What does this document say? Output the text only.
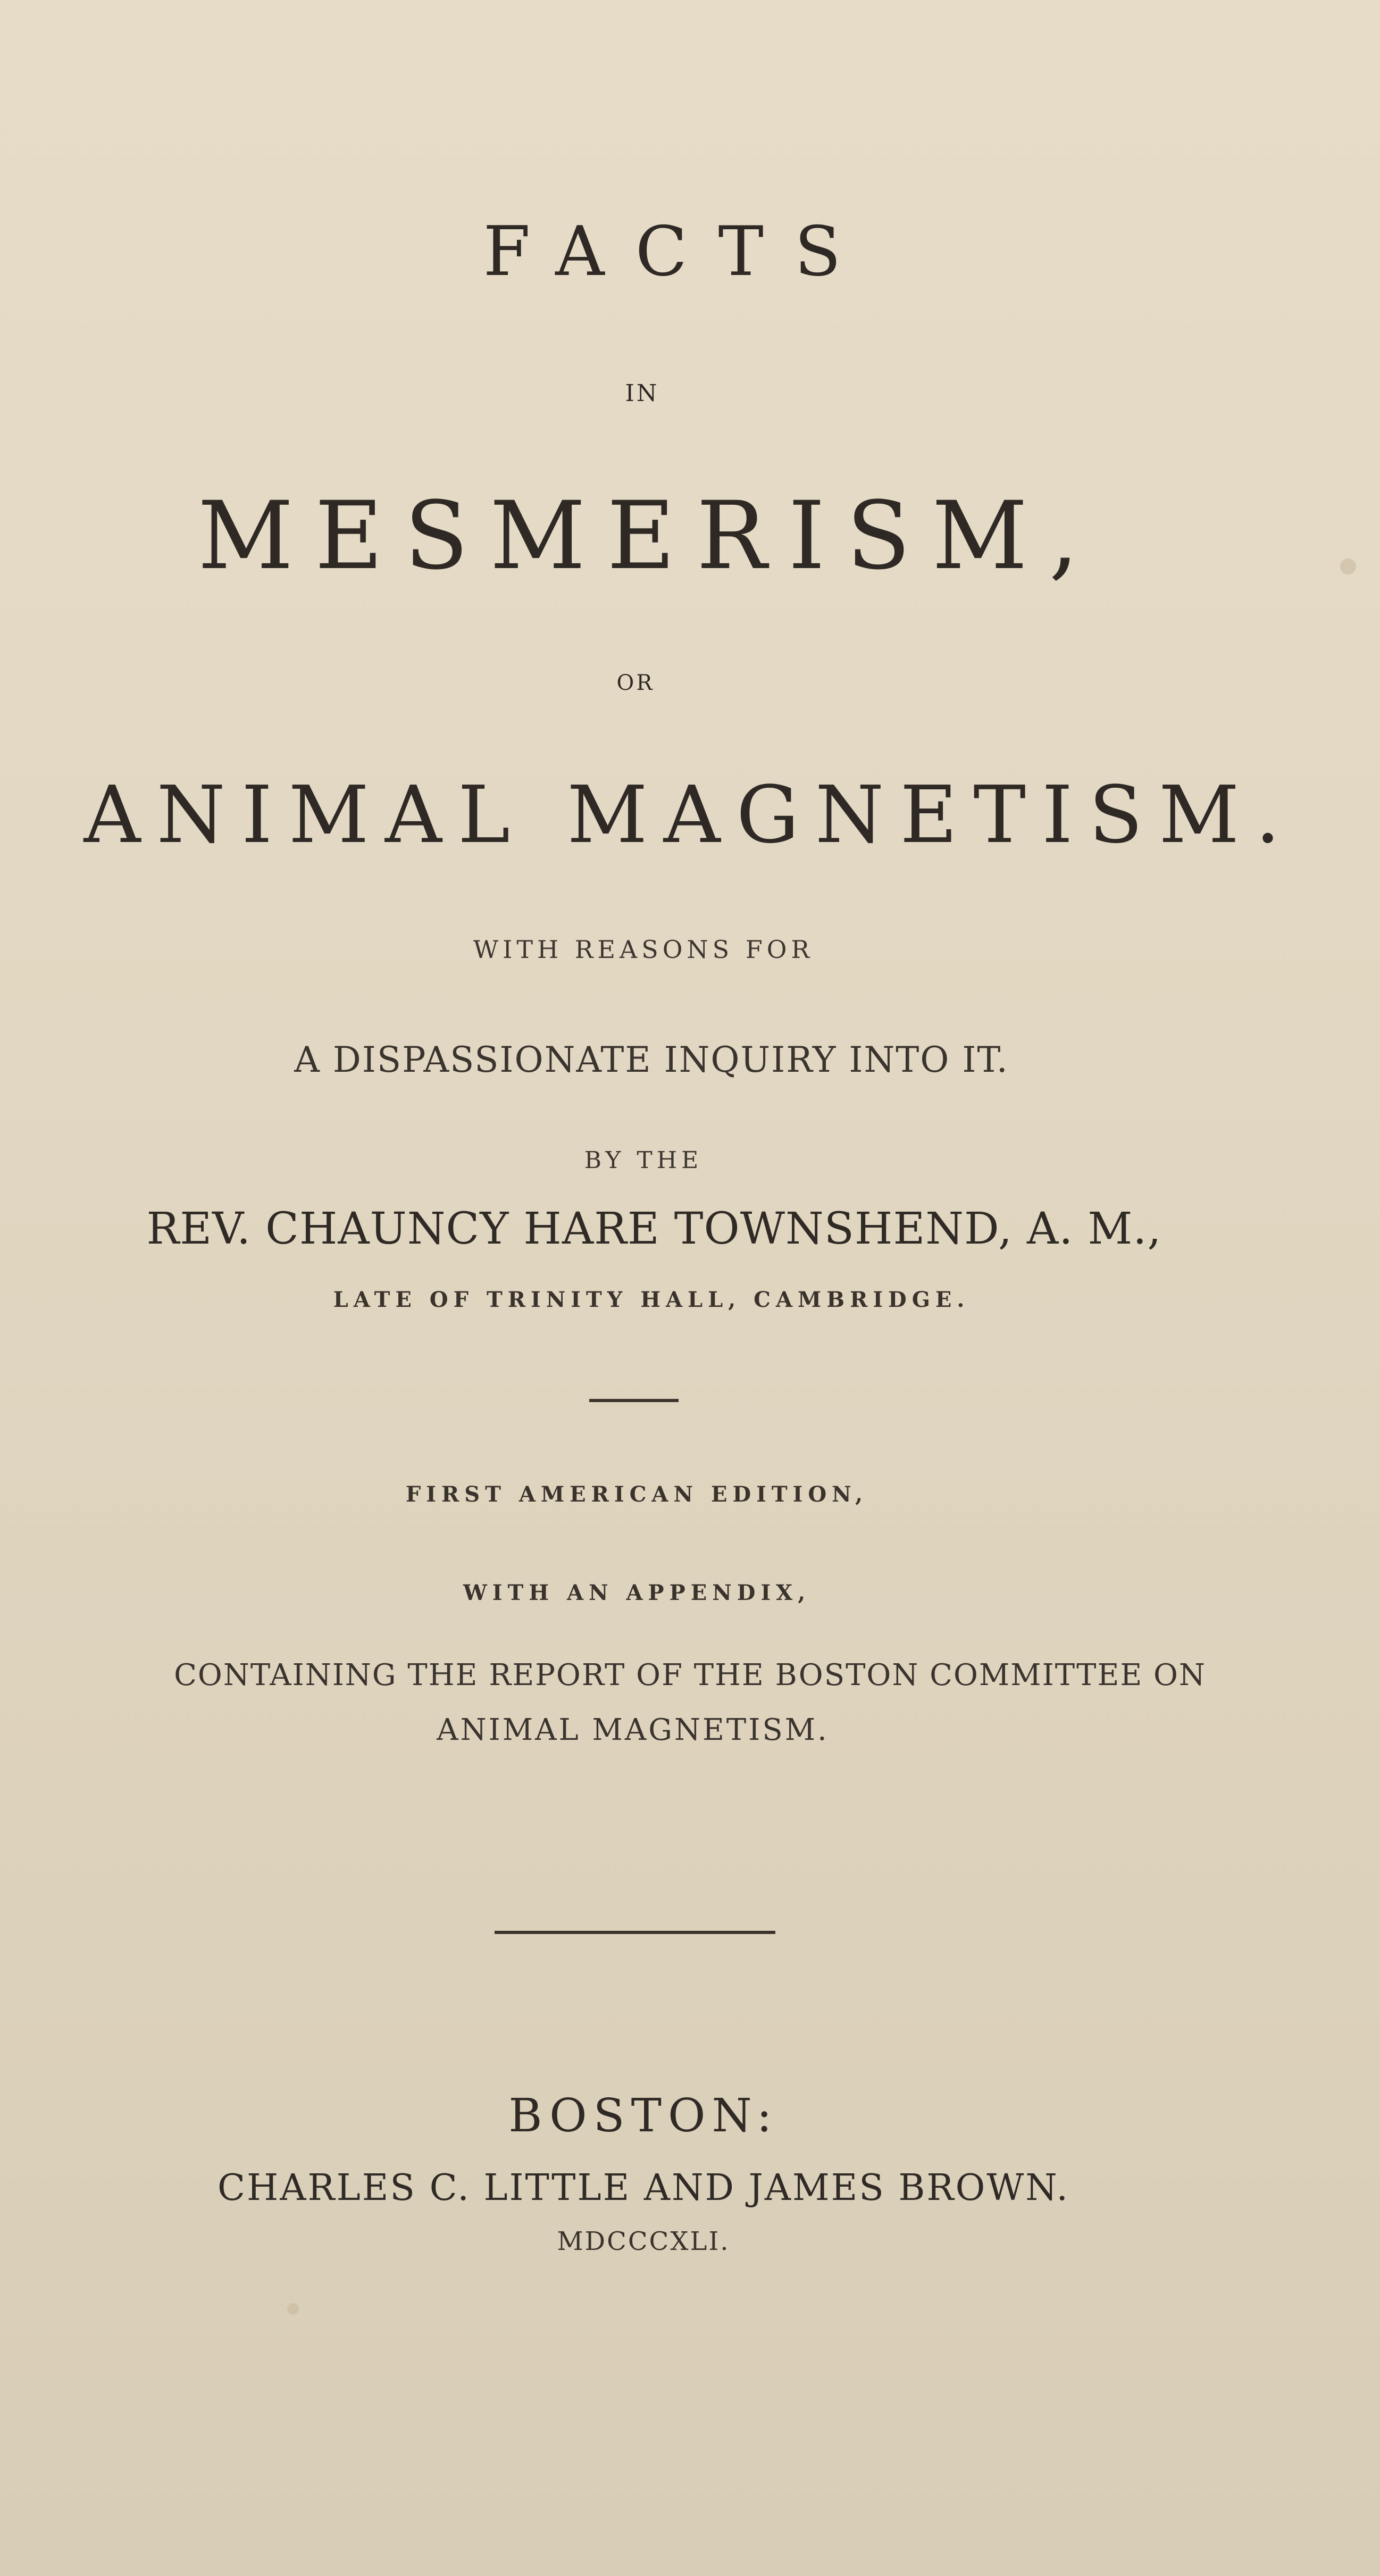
FACTS
IN
MESMERISM,
OR
ANIMAL MAGNETISM.
WITH REASONS FOR
A DISPASSIONATE INQUIRY INTO IT.
BY THE
REV. CHAUNCY HARE TOWNSHEND, A. M.,
LATE OF TRINITY HALL, CAMBRIDGE.
FIRST AMERICAN EDITION,
WITH AN APPENDIX,
CONTAINING THE REPORT OF THE BOSTON COMMITTEE ON
ANIMAL MAGNETISM.
BOSTON:
CHARLES C. LITTLE AND JAMES BROWN.
MDCCCXLI.
